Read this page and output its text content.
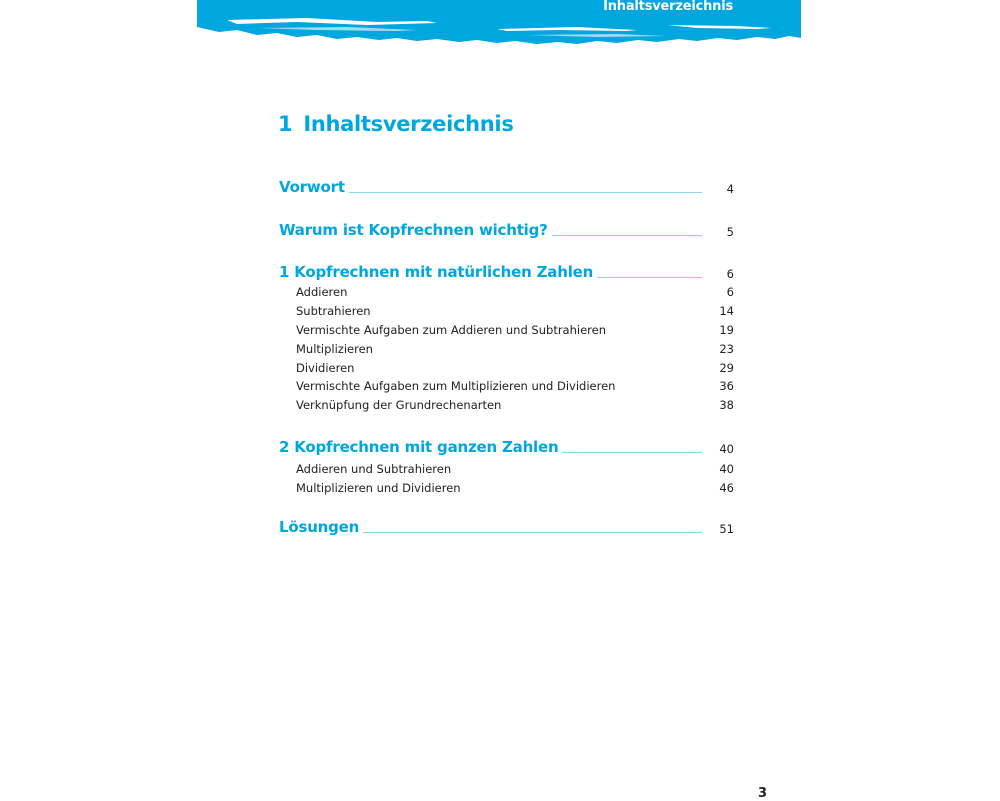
Inhaltsverzeichnis
1 Inhaltsverzeichnis
Vorwort	4
Warum ist Kopfrechnen wichtig?	5
1 Kopfrechnen mit natürlichen Zahlen	6
Addieren	6
Subtrahieren	14
Vermischte Aufgaben zum Addieren und Subtrahieren	19
Multiplizieren	23
Dividieren	29
Vermischte Aufgaben zum Multiplizieren und Dividieren	36
Verknüpfung der Grundrechenarten	38
2 Kopfrechnen mit ganzen Zahlen	40
Addieren und Subtrahieren	40
Multiplizieren und Dividieren	46
Lösungen	51
3
